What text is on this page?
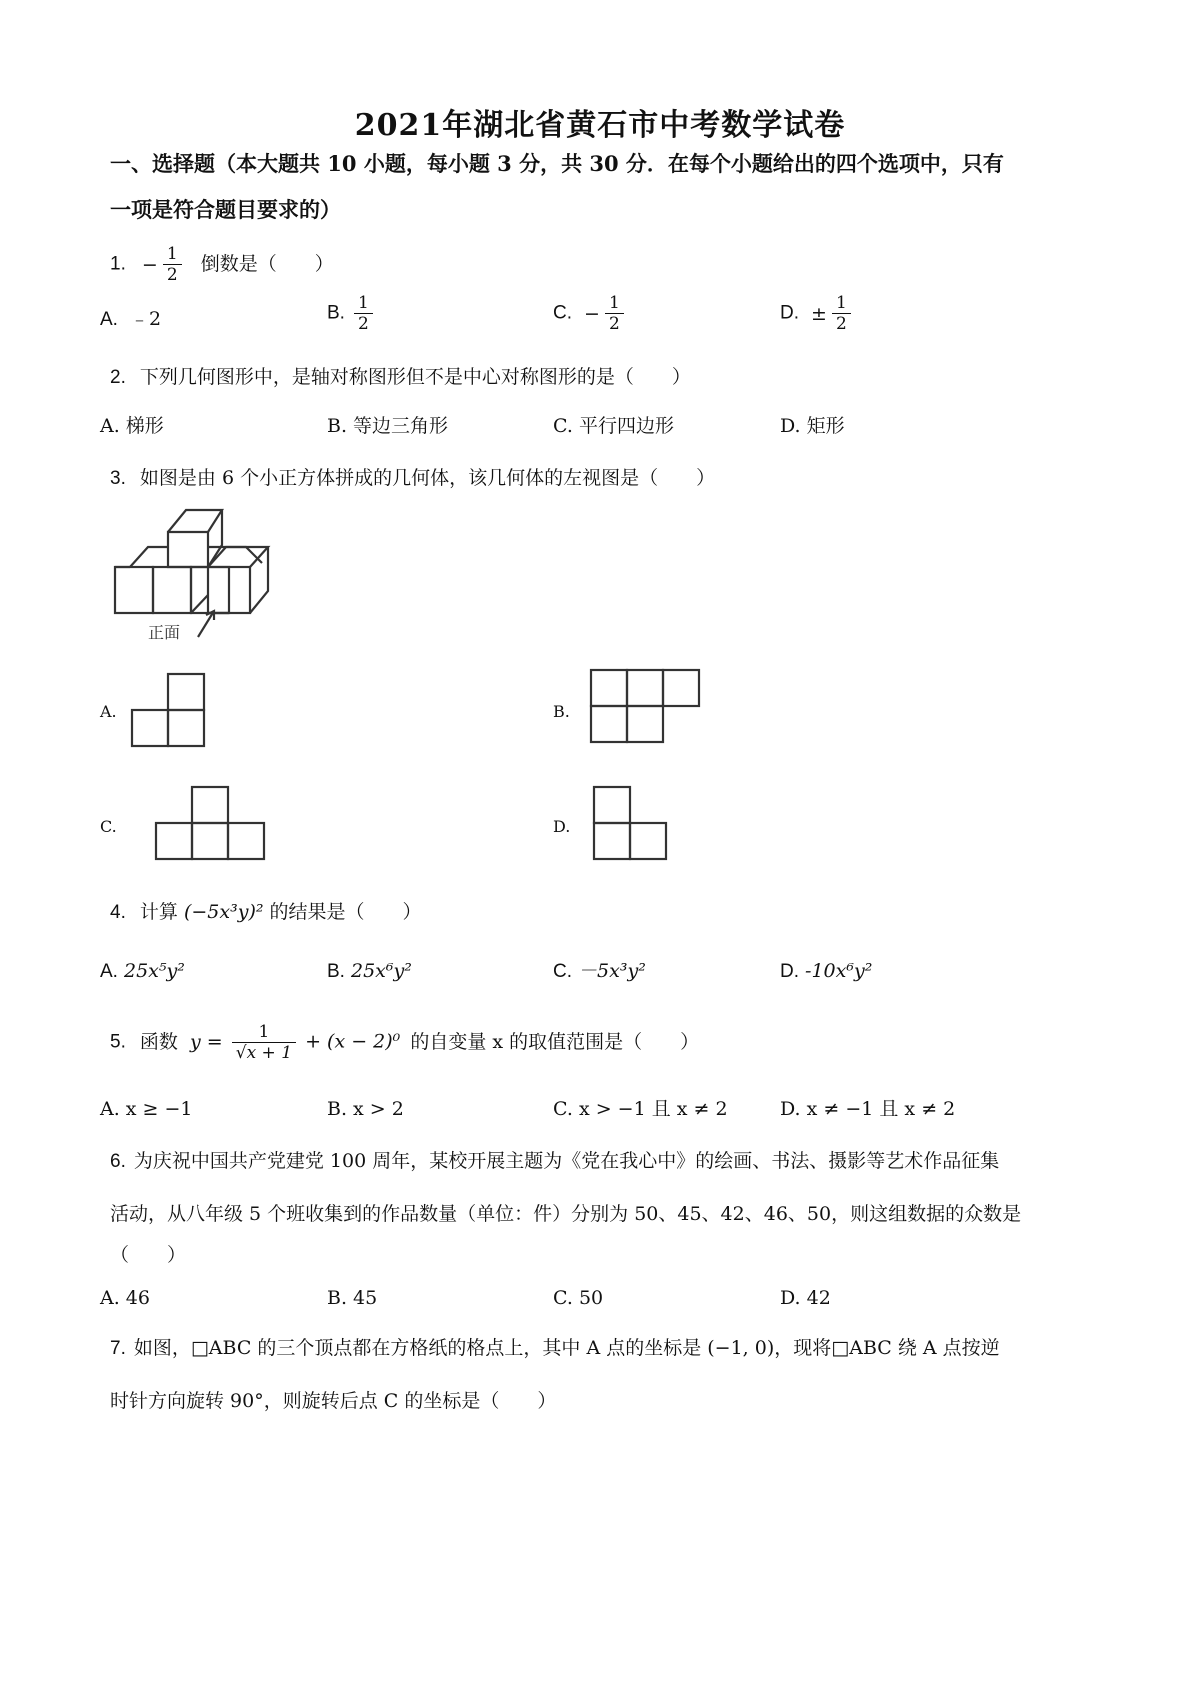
2021年湖北省黄石市中考数学试卷
一、选择题（本大题共 10 小题，每小题 3 分，共 30 分．在每个小题给出的四个选项中，只有
一项是符合题目要求的）
1. − $\frac{1}{2}$ 倒数是（　　）
A. ﹣2	B. $\frac{1}{2}$	C. − $\frac{1}{2}$	D. ± $\frac{1}{2}$
2. 下列几何图形中，是轴对称图形但不是中心对称图形的是（　　）
A. 梯形	B. 等边三角形	C. 平行四边形	D. 矩形
3. 如图是由 6 个小正方体拼成的几何体，该几何体的左视图是（　　）
正面
A.	B.
C.	D.
4. 计算 (−5x³y)² 的结果是（　　）
A. 25x⁵y²	B. 25x⁶y²	C. －5x³y²	D. -10x⁶y²
5. 函数 $y = \frac{1}{√x + 1} + (x - 2)^0$ 的自变量 x 的取值范围是（　　）
A. x ≥ −1	B. x > 2	C. x > −1 且 x ≠ 2	D. x ≠ −1 且 x ≠ 2
6. 为庆祝中国共产党建党 100 周年，某校开展主题为《党在我心中》的绘画、书法、摄影等艺术作品征集
活动，从八年级 5 个班收集到的作品数量（单位：件）分别为 50、45、42、46、50，则这组数据的众数是
（　　）
A. 46	B. 45	C. 50	D. 42
7. 如图，□ABC 的三个顶点都在方格纸的格点上，其中 A 点的坐标是 (−1, 0)，现将□ABC 绕 A 点按逆
时针方向旋转 90°，则旋转后点 C 的坐标是（　　）
